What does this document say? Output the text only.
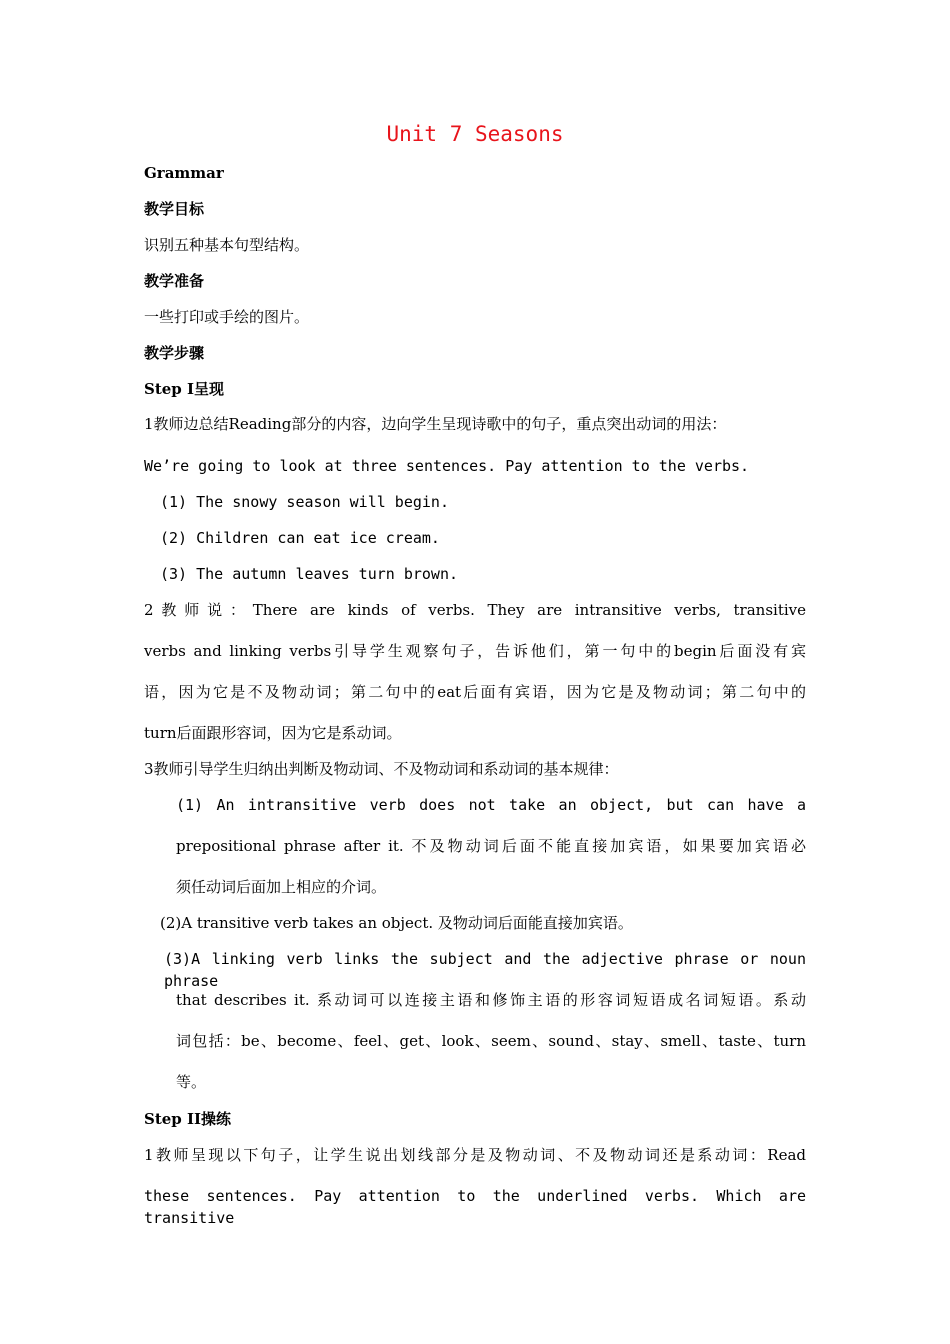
Unit 7 Seasons
Grammar
教学目标
识别五种基本句型结构。
教学准备
一些打印或手绘的图片。
教学步骤
Step I呈现
1教师边总结Reading部分的内容，边向学生呈现诗歌中的句子，重点突出动词的用法：
We’re going to look at three sentences. Pay attention to the verbs.
(1) The snowy season will begin.
(2) Children can eat ice cream.
(3) The autumn leaves turn brown.
2教师说：There are kinds of verbs. They are intransitive verbs, transitive
verbs and linking verbs引导学生观察句子，告诉他们，第一句中的begin后面没有宾
语，因为它是不及物动词；第二句中的eat后面有宾语，因为它是及物动词；第二句中的
turn后面跟形容词，因为它是系动词。
3教师引导学生归纳出判断及物动词、不及物动词和系动词的基本规律：
(1) An intransitive verb does not take an object, but can have a
prepositional phrase after it. 不及物动词后面不能直接加宾语，如果要加宾语必
须任动词后面加上相应的介词。
(2)A transitive verb takes an object. 及物动词后面能直接加宾语。
(3)A linking verb links the subject and the adjective phrase or noun phrase
that describes it. 系动词可以连接主语和修饰主语的形容词短语成名词短语。系动
词包括：be、become、feel、get、look、seem、sound、stay、smell、taste、turn
等。
Step II操练
1教师呈现以下句子，让学生说出划线部分是及物动词、不及物动词还是系动词：Read
these sentences. Pay attention to the underlined verbs. Which are transitive
